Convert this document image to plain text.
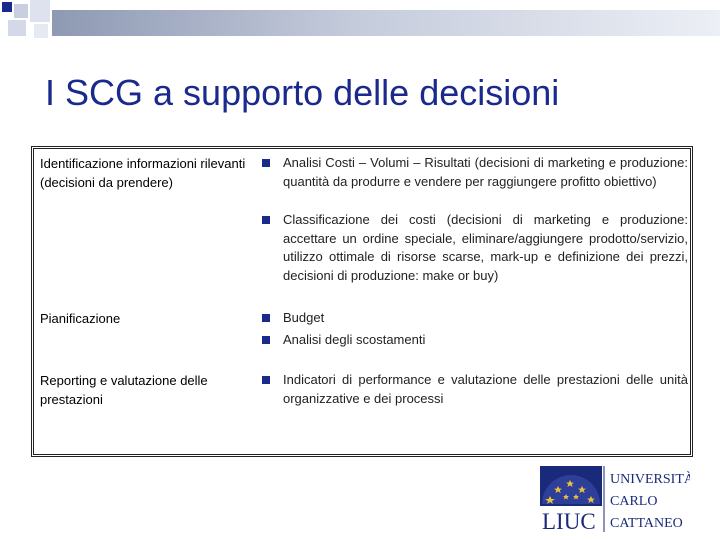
I SCG a supporto delle decisioni
Identificazione informazioni rilevanti (decisioni da prendere)
Analisi Costi – Volumi – Risultati (decisioni di marketing e produzione: quantità da produrre e vendere per raggiungere profitto obiettivo)
Classificazione dei costi (decisioni di marketing e produzione: accettare un ordine speciale, eliminare/aggiungere prodotto/servizio, utilizzo ottimale di risorse scarse, mark-up e definizione dei prezzi, decisioni di produzione: make or buy)
Pianificazione	Budget
Analisi degli scostamenti
Reporting e valutazione delle prestazioni
Indicatori di performance e valutazione delle prestazioni delle unità organizzative e dei processi
LIUC
UNIVERSITÀ
CARLO
CATTANEO
